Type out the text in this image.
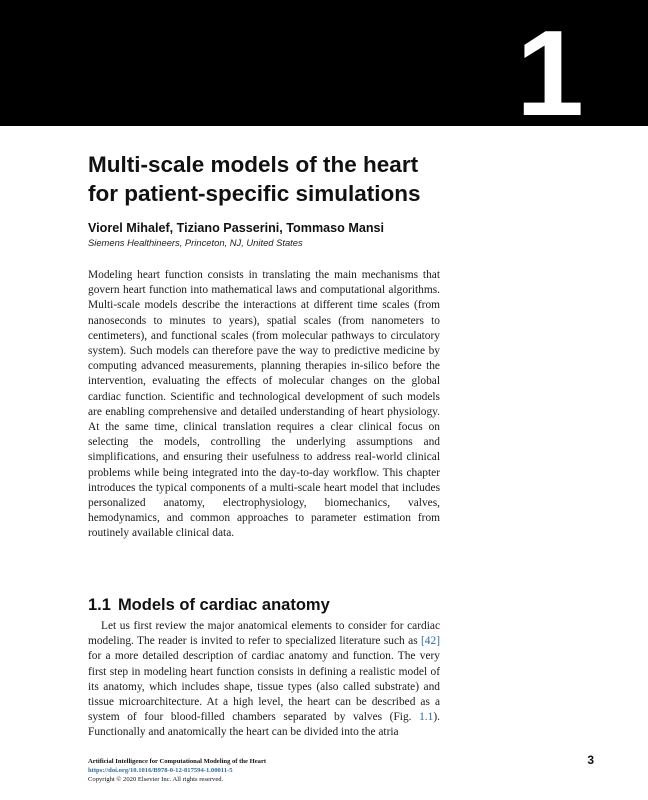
1
Multi-scale models of the heart for patient-specific simulations
Viorel Mihalef, Tiziano Passerini, Tommaso Mansi
Siemens Healthineers, Princeton, NJ, United States

Modeling heart function consists in translating the main mechanisms that govern heart function into mathematical laws and computational algorithms. Multi-scale models describe the interactions at different time scales (from nanoseconds to minutes to years), spatial scales (from nanometers to centimeters), and functional scales (from molecular pathways to circulatory system). Such models can therefore pave the way to predictive medicine by computing advanced measurements, planning therapies in-silico before the intervention, evaluating the effects of molecular changes on the global cardiac function. Scientific and technological development of such models are enabling comprehensive and detailed understanding of heart physiology. At the same time, clinical translation requires a clear clinical focus on selecting the models, controlling the underlying assumptions and simplifications, and ensuring their usefulness to address real-world clinical problems while being integrated into the day-to-day workflow. This chapter introduces the typical components of a multi-scale heart model that includes personalized anatomy, electrophysiology, biomechanics, valves, hemodynamics, and common approaches to parameter estimation from routinely available clinical data.

1.1 Models of cardiac anatomy

Let us first review the major anatomical elements to consider for cardiac modeling. The reader is invited to refer to specialized literature such as [42] for a more detailed description of cardiac anatomy and function. The very first step in modeling heart function consists in defining a realistic model of its anatomy, which includes shape, tissue types (also called substrate) and tissue microarchitecture. At a high level, the heart can be described as a system of four blood-filled chambers separated by valves (Fig. 1.1). Functionally and anatomically the heart can be divided into the atria

Artificial Intelligence for Computational Modeling of the Heart
https://doi.org/10.1016/B978-0-12-817594-1.00011-5
Copyright © 2020 Elsevier Inc. All rights reserved.
3
